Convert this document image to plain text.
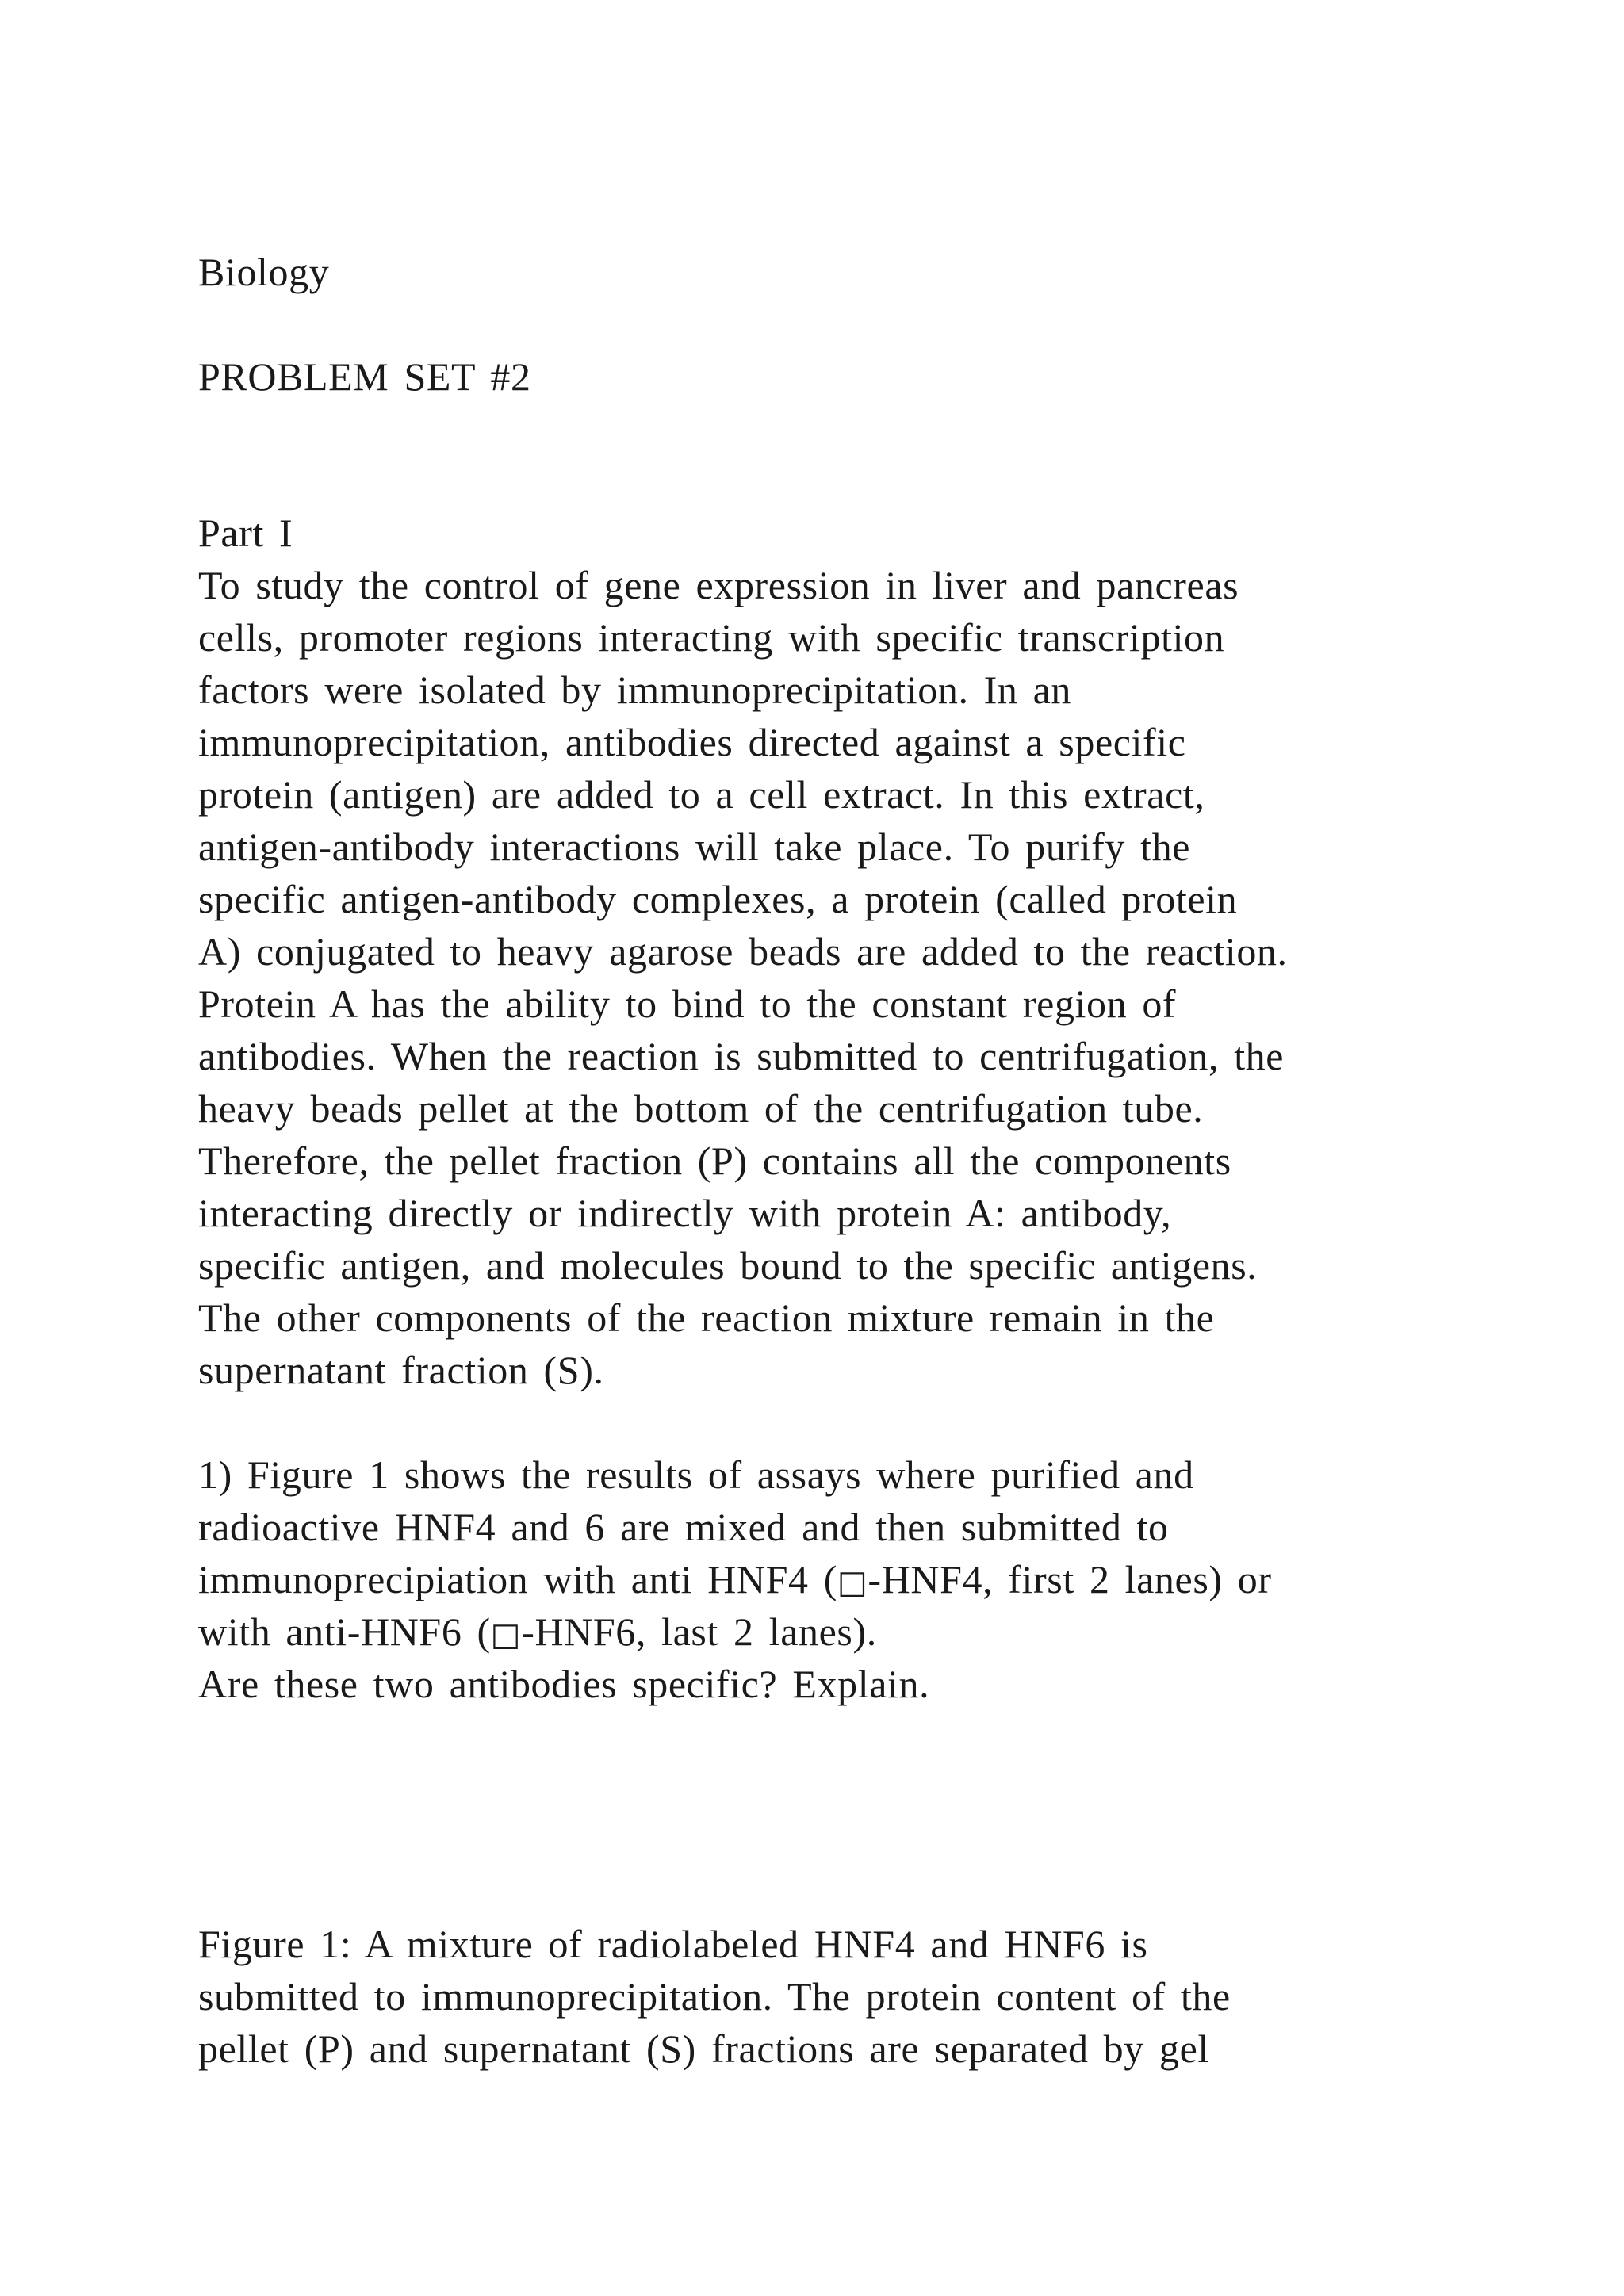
Biology
PROBLEM SET #2
Part I
To study the control of gene expression in liver and pancreas
cells, promoter regions interacting with specific transcription
factors were isolated by immunoprecipitation. In an
immunoprecipitation, antibodies directed against a specific
protein (antigen) are added to a cell extract. In this extract,
antigen-antibody interactions will take place. To purify the
specific antigen-antibody complexes, a protein (called protein
A) conjugated to heavy agarose beads are added to the reaction.
Protein A has the ability to bind to the constant region of
antibodies. When the reaction is submitted to centrifugation, the
heavy beads pellet at the bottom of the centrifugation tube.
Therefore, the pellet fraction (P) contains all the components
interacting directly or indirectly with protein A: antibody,
specific antigen, and molecules bound to the specific antigens.
The other components of the reaction mixture remain in the
supernatant fraction (S).
1) Figure 1 shows the results of assays where purified and
radioactive HNF4 and 6 are mixed and then submitted to
immunoprecipiation with anti HNF4 (□-HNF4, first 2 lanes) or
with anti-HNF6 (□-HNF6, last 2 lanes).
Are these two antibodies specific? Explain.
Figure 1: A mixture of radiolabeled HNF4 and HNF6 is
submitted to immunoprecipitation. The protein content of the
pellet (P) and supernatant (S) fractions are separated by gel
